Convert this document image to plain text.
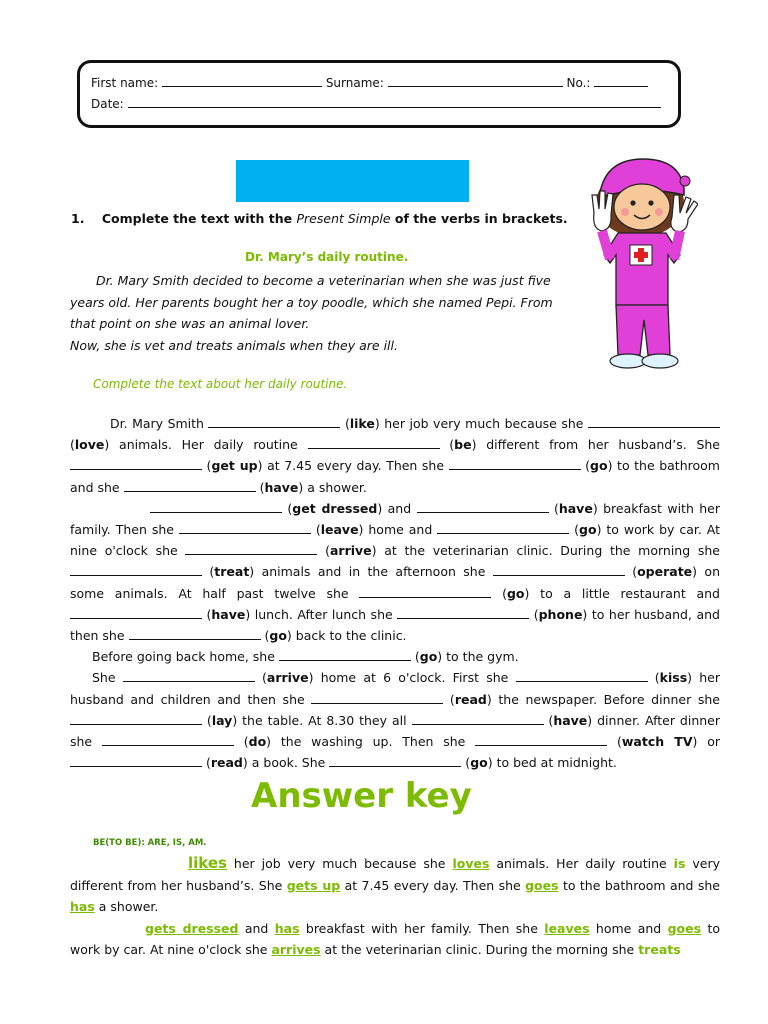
First name:	Surname:	No.:
Date:
1. Complete the text with the Present Simple of the verbs in brackets.
Dr. Mary’s daily routine.

Dr. Mary Smith decided to become a veterinarian when she was just five years old. Her parents bought her a toy poodle, which she named Pepi. From that point on she was an animal lover.

Now, she is vet and treats animals when they are ill.

Complete the text about her daily routine.

Dr. Mary Smith	(like) her job very much because she  (love) animals. Her daily routine	(be) different from her husband’s. She  (get up) at 7.45 every day. Then she	(go) to the bathroom and she	(have) a shower.

(get dressed) and	(have) breakfast with her family. Then she	(leave) home and	(go) to work by car. At nine o'clock she	(arrive) at the veterinarian clinic. During the morning she  (treat) animals and in the afternoon she	(operate) on some animals. At half past twelve she	(go) to a little restaurant and  (have) lunch. After lunch she	(phone) to her husband, and then she	(go) back to the clinic.

Before going back home, she	(go) to the gym.

She	(arrive) home at 6 o'clock. First she	(kiss) her husband and children and then she	(read) the newspaper. Before dinner she  (lay) the table. At 8.30 they all	(have) dinner. After dinner she	(do) the washing up. Then she	(watch TV) or  (read) a book. She	(go) to bed at midnight.

Answer key
BE(TO BE): ARE, IS, AM.

likes her job very much because she loves animals. Her daily routine is very different from her husband’s. She gets up at 7.45 every day. Then she goes to the bathroom and she has a shower.

gets dressed and has breakfast with her family. Then she leaves home and goes to work by car. At nine o'clock she arrives at the veterinarian clinic. During the morning she treats
